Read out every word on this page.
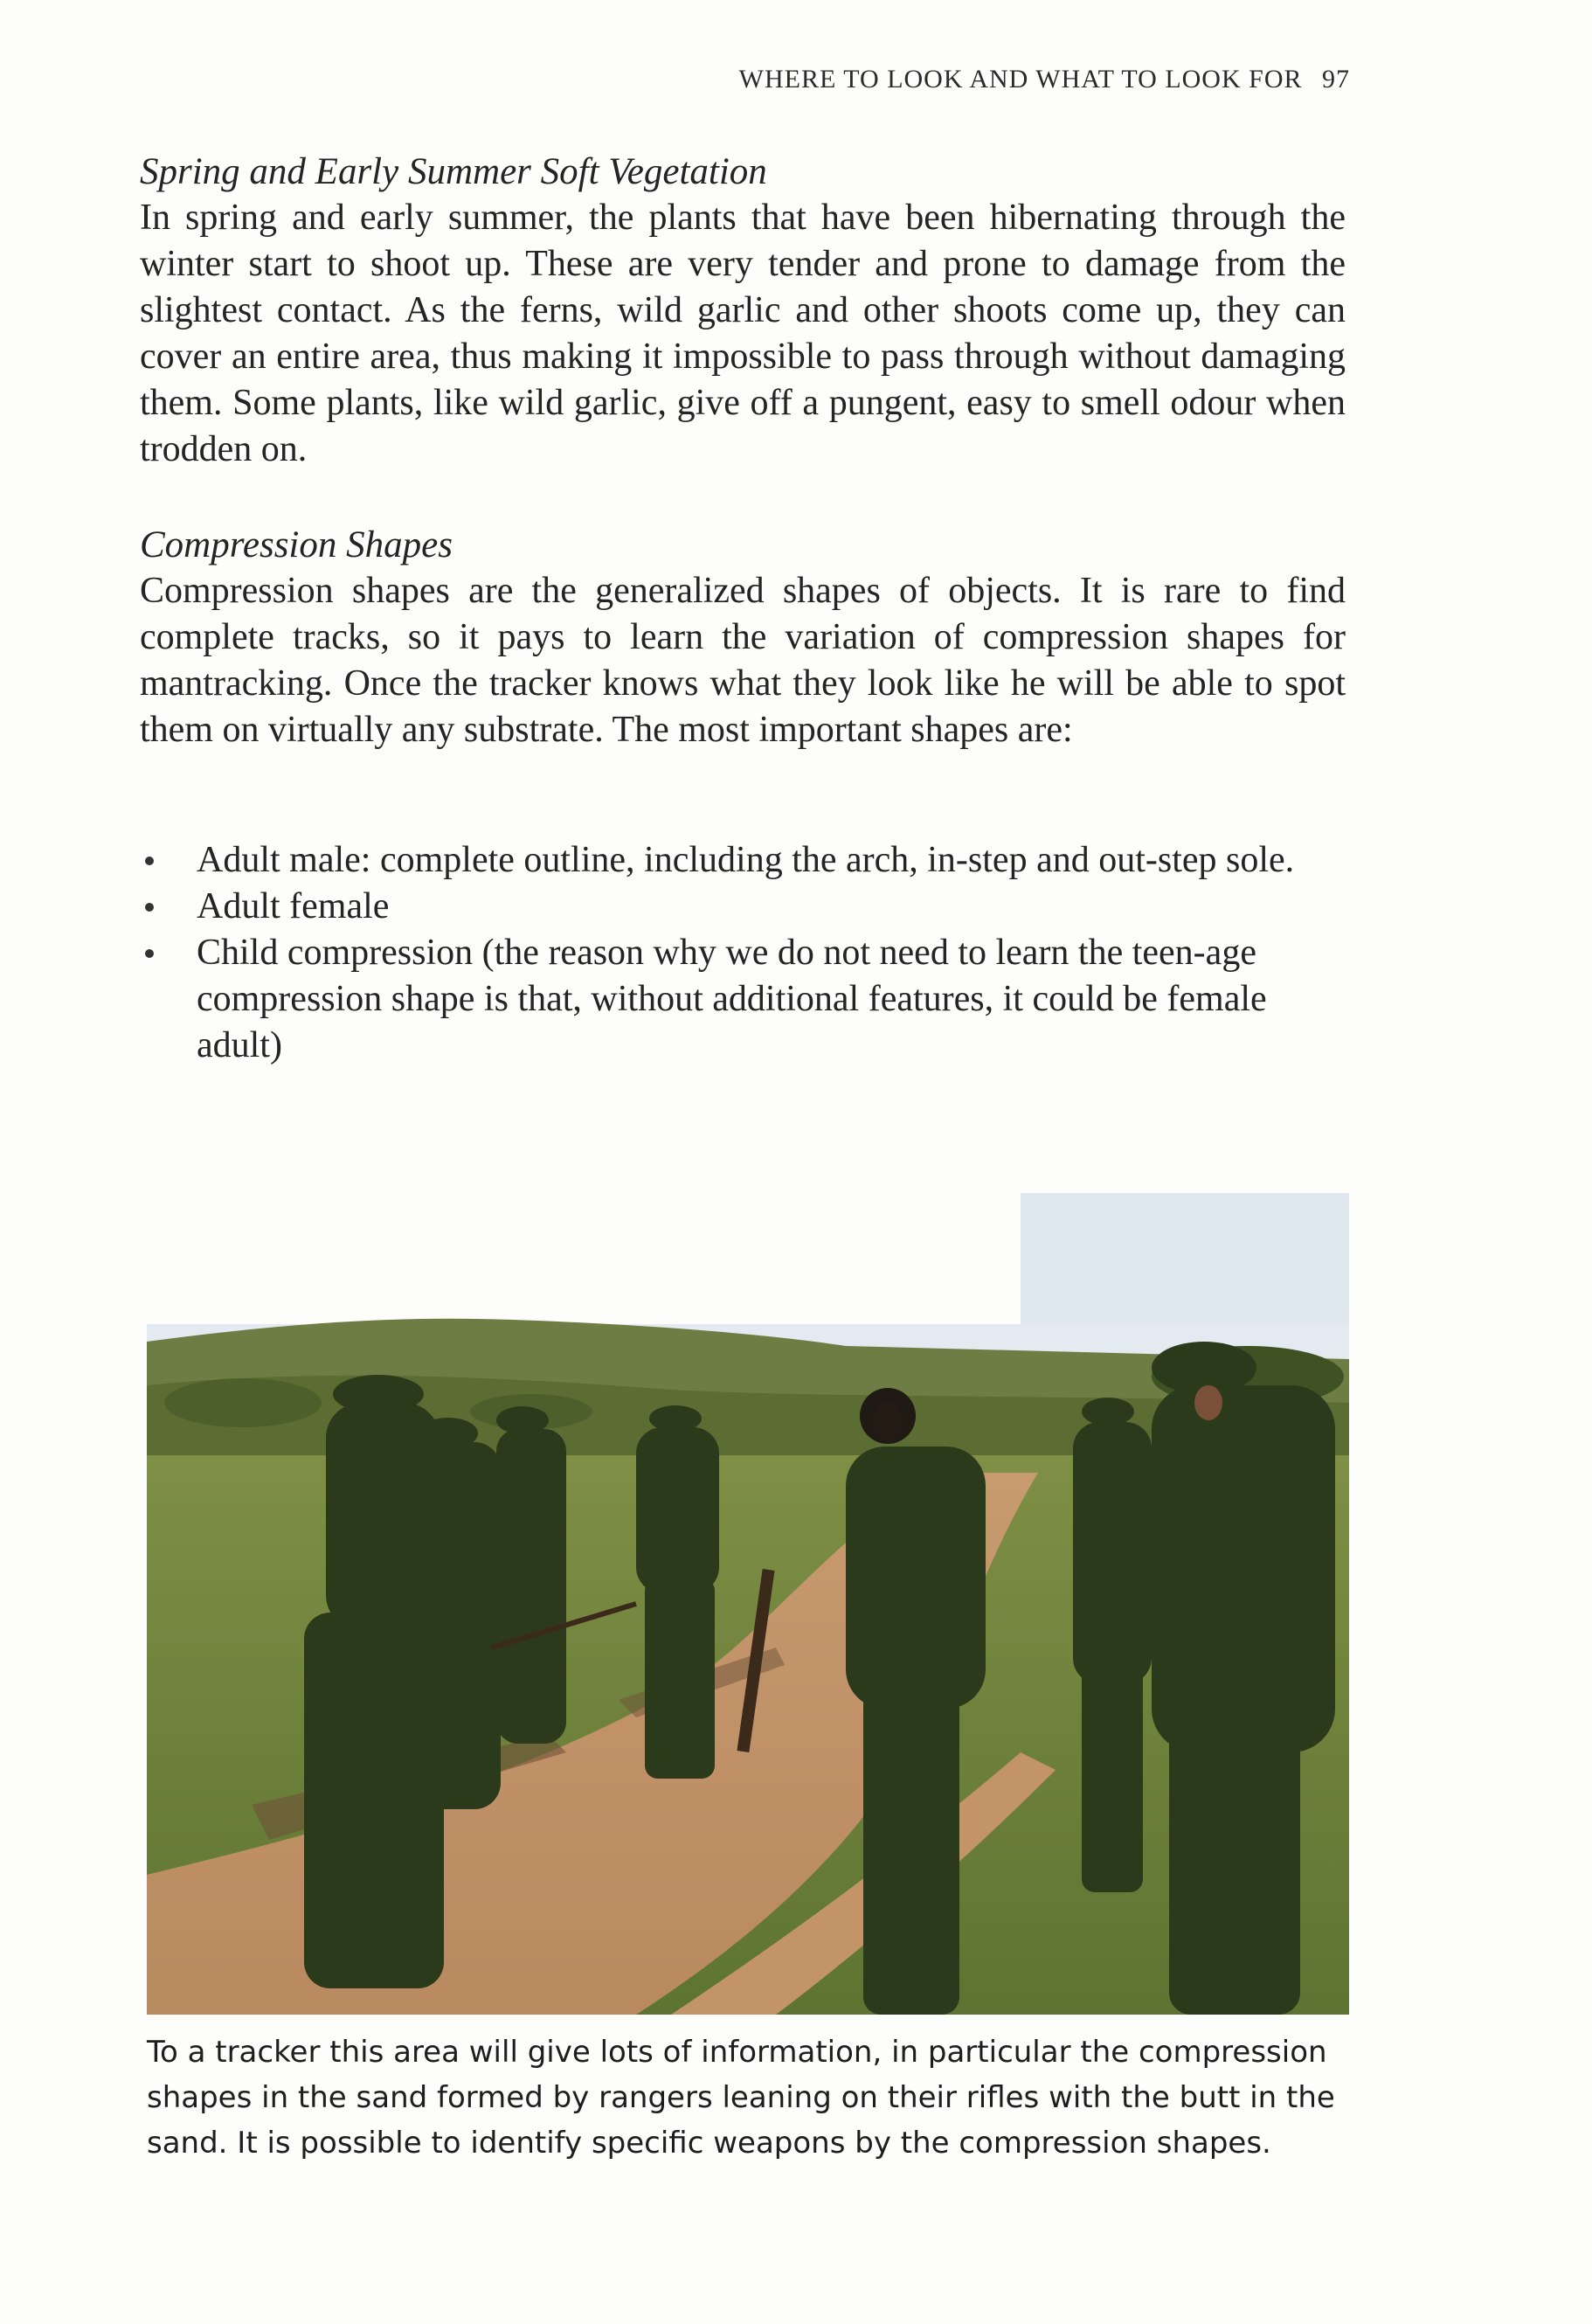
WHERE TO LOOK AND WHAT TO LOOK FOR 97
Spring and Early Summer Soft Vegetation

In spring and early summer, the plants that have been hibernating through the winter start to shoot up. These are very tender and prone to damage from the slightest contact. As the ferns, wild garlic and other shoots come up, they can cover an entire area, thus making it impossible to pass through without damaging them. Some plants, like wild garlic, give off a pungent, easy to smell odour when trodden on.

Compression Shapes

Compression shapes are the generalized shapes of objects. It is rare to find complete tracks, so it pays to learn the variation of compression shapes for mantracking. Once the tracker knows what they look like he will be able to spot them on virtually any substrate. The most important shapes are:

Adult male: complete outline, including the arch, in-step and out-step sole.
Adult female
Child compression (the reason why we do not need to learn the teen-age compression shape is that, without additional features, it could be female adult)
To a tracker this area will give lots of information, in particular the compression shapes in the sand formed by rangers leaning on their rifles with the butt in the sand. It is possible to identify specific weapons by the compression shapes.
